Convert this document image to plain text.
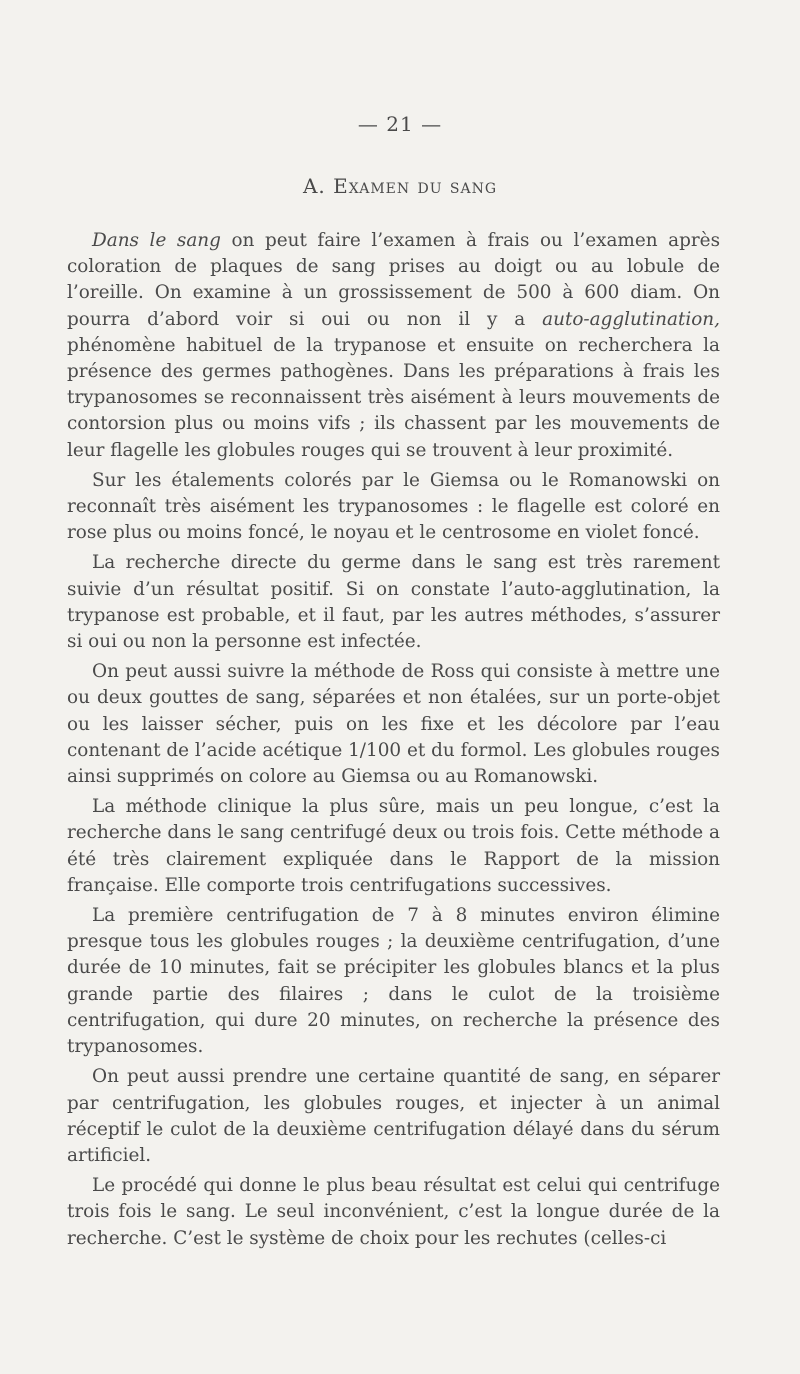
— 21 —
A. Examen du sang

Dans le sang on peut faire l’examen à frais ou l’examen après coloration de plaques de sang prises au doigt ou au lobule de l’oreille. On examine à un grossissement de 500 à 600 diam. On pourra d’abord voir si oui ou non il y a auto-agglutination, phénomène habituel de la trypanose et ensuite on recherchera la présence des germes pathogènes. Dans les préparations à frais les trypanosomes se reconnaissent très aisément à leurs mouvements de contorsion plus ou moins vifs ; ils chassent par les mouvements de leur flagelle les globules rouges qui se trouvent à leur proximité.

Sur les étalements colorés par le Giemsa ou le Romanowski on reconnaît très aisément les trypanosomes : le flagelle est coloré en rose plus ou moins foncé, le noyau et le centrosome en violet foncé.

La recherche directe du germe dans le sang est très rarement suivie d’un résultat positif. Si on constate l’auto-agglutination, la trypanose est probable, et il faut, par les autres méthodes, s’assurer si oui ou non la personne est infectée.

On peut aussi suivre la méthode de Ross qui consiste à mettre une ou deux gouttes de sang, séparées et non étalées, sur un porte-objet ou les laisser sécher, puis on les fixe et les décolore par l’eau contenant de l’acide acétique 1/100 et du formol. Les globules rouges ainsi supprimés on colore au Giemsa ou au Romanowski.

La méthode clinique la plus sûre, mais un peu longue, c’est la recherche dans le sang centrifugé deux ou trois fois. Cette méthode a été très clairement expliquée dans le Rapport de la mission française. Elle comporte trois centrifugations successives.

La première centrifugation de 7 à 8 minutes environ élimine presque tous les globules rouges ; la deuxième centrifugation, d’une durée de 10 minutes, fait se précipiter les globules blancs et la plus grande partie des filaires ; dans le culot de la troisième centrifugation, qui dure 20 minutes, on recherche la présence des trypanosomes.

On peut aussi prendre une certaine quantité de sang, en séparer par centrifugation, les globules rouges, et injecter à un animal réceptif le culot de la deuxième centrifugation délayé dans du sérum artificiel.

Le procédé qui donne le plus beau résultat est celui qui centrifuge trois fois le sang. Le seul inconvénient, c’est la longue durée de la recherche. C’est le système de choix pour les rechutes (celles-ci
